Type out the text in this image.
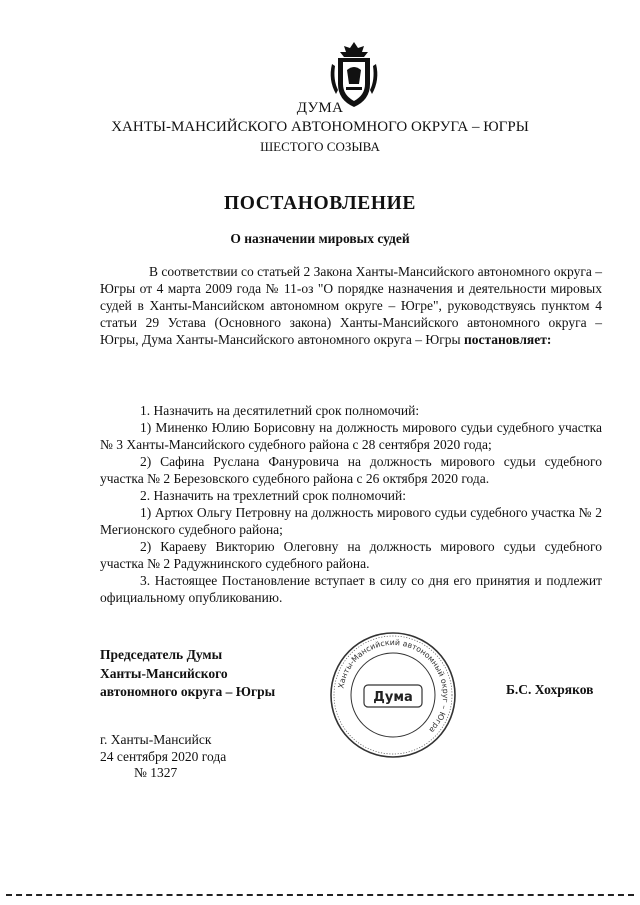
ДУМА
ХАНТЫ-МАНСИЙСКОГО АВТОНОМНОГО ОКРУГА – ЮГРЫ
ШЕСТОГО СОЗЫВА
ПОСТАНОВЛЕНИЕ
О назначении мировых судей
В соответствии со статьей 2 Закона Ханты-Мансийского автономного округа – Югры от 4 марта 2009 года № 11-оз "О порядке назначения и деятельности мировых судей в Ханты-Мансийском автономном округе – Югре", руководствуясь пунктом 4 статьи 29 Устава (Основного закона) Ханты-Мансийского автономного округа – Югры, Дума Ханты-Мансийского автономного округа – Югры постановляет:

1. Назначить на десятилетний срок полномочий:

1) Миненко Юлию Борисовну на должность мирового судьи судебного участка № 3 Ханты-Мансийского судебного района с 28 сентября 2020 года;

2) Сафина Руслана Фануровича на должность мирового судьи судебного участка № 2 Березовского судебного района с 26 октября 2020 года.

2. Назначить на трехлетний срок полномочий:

1) Артюх Ольгу Петровну на должность мирового судьи судебного участка № 2 Мегионского судебного района;

2) Караеву Викторию Олеговну на должность мирового судьи судебного участка № 2 Радужнинского судебного района.

3. Настоящее Постановление вступает в силу со дня его принятия и подлежит официальному опубликованию.

Председатель Думы
Ханты-Мансийского
автономного округа – Югры	Ханты-Мансийский автономный округ – Югра
Дума
Б.С. Хохряков
г. Ханты-Мансийск
24 сентября 2020 года
№ 1327
